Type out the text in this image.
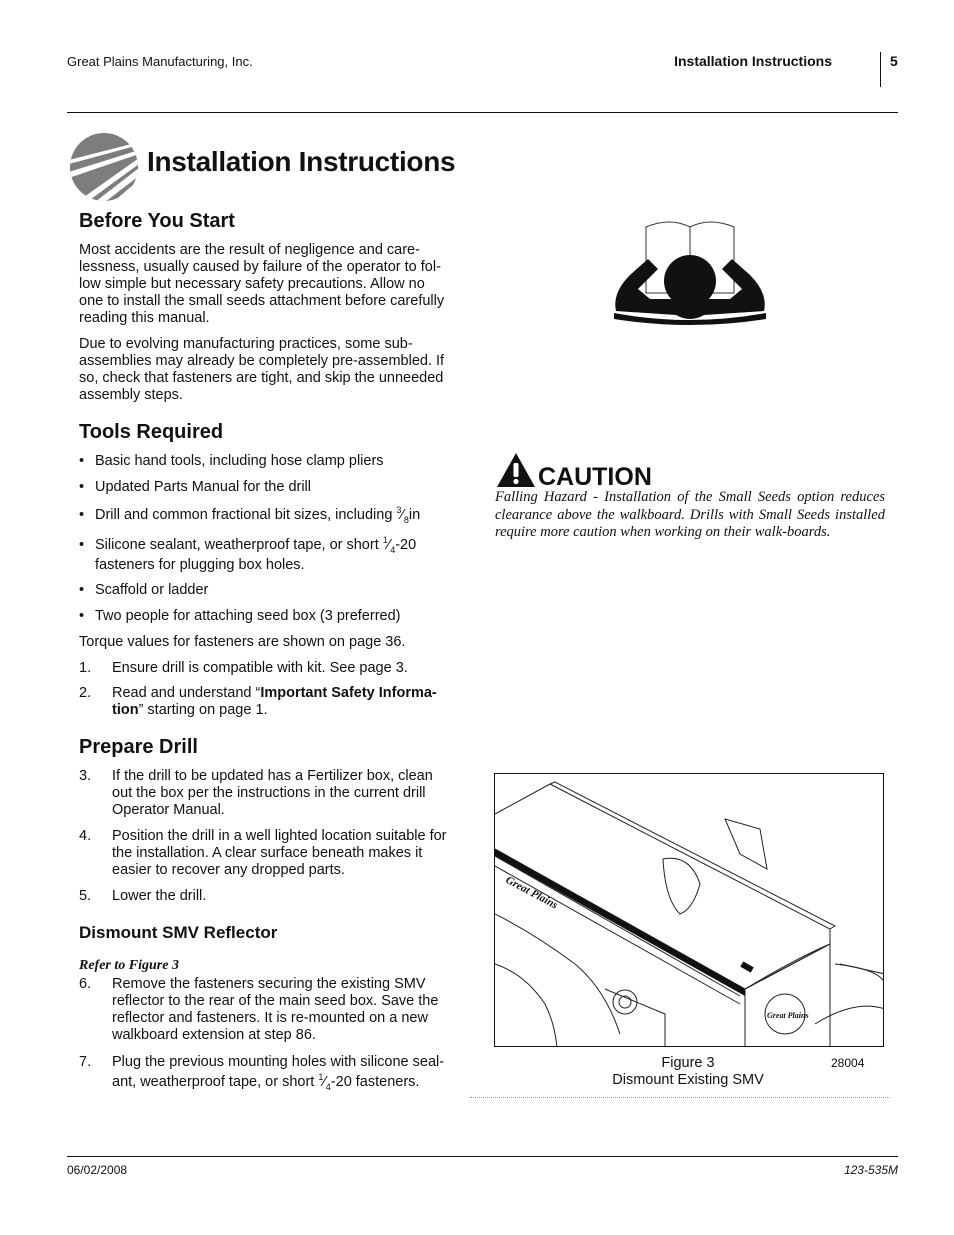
Great Plains Manufacturing, Inc.	Installation Instructions	5
Installation Instructions
Before You Start
Most accidents are the result of negligence and care-
lessness, usually caused by failure of the operator to fol-
low simple but necessary safety precautions. Allow no
one to install the small seeds attachment before carefully
reading this manual.
Due to evolving manufacturing practices, some sub-
assemblies may already be completely pre-assembled. If
so, check that fasteners are tight, and skip the unneeded
assembly steps.
Tools Required
• Basic hand tools, including hose clamp pliers
• Updated Parts Manual for the drill
• Drill and common fractional bit sizes, including $^3⁄_8in$
• Silicone sealant, weatherproof tape, or short $^1⁄_4-20$
fasteners for plugging box holes.
• Scaffold or ladder
• Two people for attaching seed box (3 preferred)
Torque values for fasteners are shown on page 36.
1. Ensure drill is compatible with kit. See page 3.
2. Read and understand “Important Safety Informa-
tion” starting on page 1.
Prepare Drill
3. If the drill to be updated has a Fertilizer box, clean
out the box per the instructions in the current drill
Operator Manual.
4. Position the drill in a well lighted location suitable for
the installation. A clear surface beneath makes it
easier to recover any dropped parts.
5. Lower the drill.
Dismount SMV Reflector
Refer to Figure 3
6. Remove the fasteners securing the existing SMV
reflector to the rear of the main seed box. Save the
reflector and fasteners. It is re-mounted on a new
walkboard extension at step 86.
7. Plug the previous mounting holes with silicone seal-
ant, weatherproof tape, or short $^1⁄_4-20$ fasteners.
CAUTION
Falling Hazard - Installation of the Small Seeds option reduces clearance above the walkboard. Drills with Small Seeds installed require more caution when working on their walk-boards.
Great Plains
Great Plains
Figure 3
Dismount Existing SMV
28004
06/02/2008	123-535M
